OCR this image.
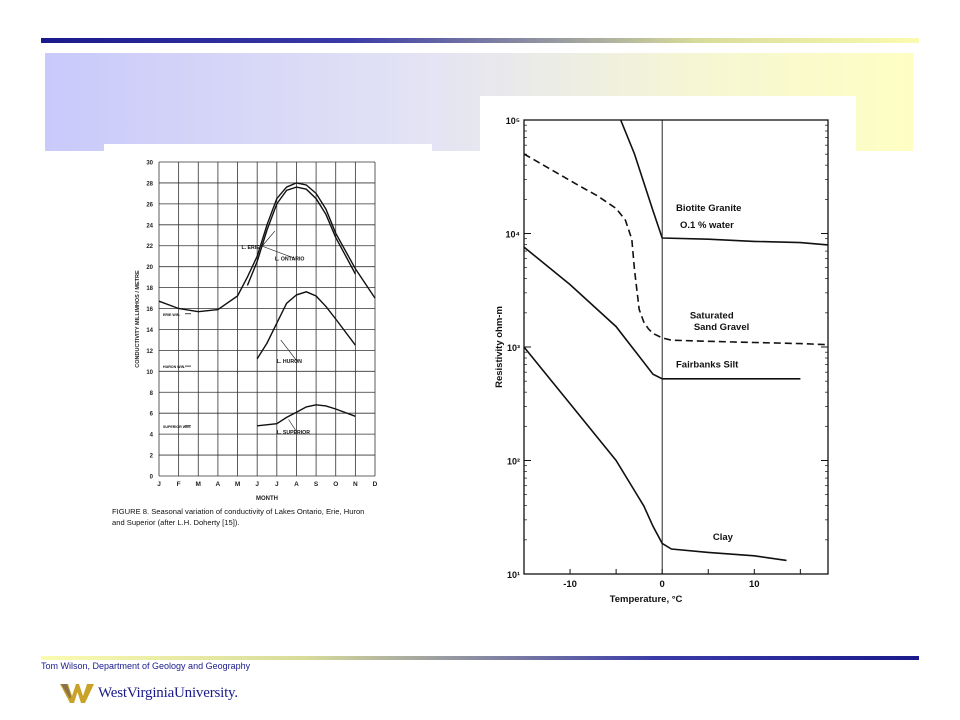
0
2
4
6
8
10
12
14
16
18
20
22
24
26
28
30
J F M A M J J A S O N D
MONTH
CONDUCTIVITY MILLIMHOS / METRE
L. ERIE
L. ONTARIO
L. HURON
L. SUPERIOR
ERIE WIN.
HURON WIN.
SUPERIOR WIN.
FIGURE 8. Seasonal variation of conductivity of Lakes Ontario, Erie, Huron
and Superior (after L.H. Doherty [15]).
10¹
10²
10³
10⁴
10⁵
-10	0	10
Temperature, °C
Resistivity ohm-m
Biotite Granite
O.1 % water
Saturated
Sand Gravel
Fairbanks Silt
Clay
Tom Wilson, Department of Geology and Geography
WestVirginiaUniversity.
